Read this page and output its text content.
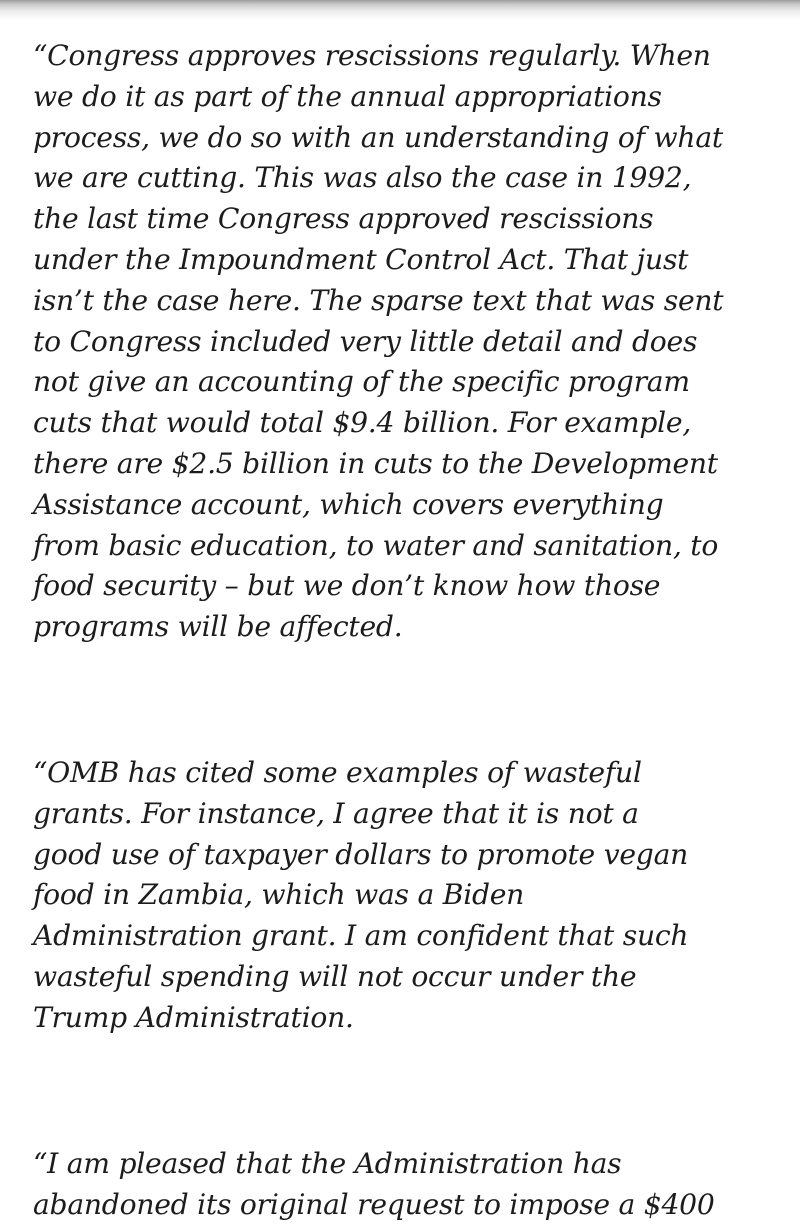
“Congress approves rescissions regularly. When
we do it as part of the annual appropriations
process, we do so with an understanding of what
we are cutting. This was also the case in 1992,
the last time Congress approved rescissions
under the Impoundment Control Act. That just
isn’t the case here. The sparse text that was sent
to Congress included very little detail and does
not give an accounting of the specific program
cuts that would total $9.4 billion. For example,
there are $2.5 billion in cuts to the Development
Assistance account, which covers everything
from basic education, to water and sanitation, to
food security – but we don’t know how those
programs will be affected.

“OMB has cited some examples of wasteful
grants. For instance, I agree that it is not a
good use of taxpayer dollars to promote vegan
food in Zambia, which was a Biden
Administration grant. I am confident that such
wasteful spending will not occur under the
Trump Administration.

“I am pleased that the Administration has
abandoned its original request to impose a $400
